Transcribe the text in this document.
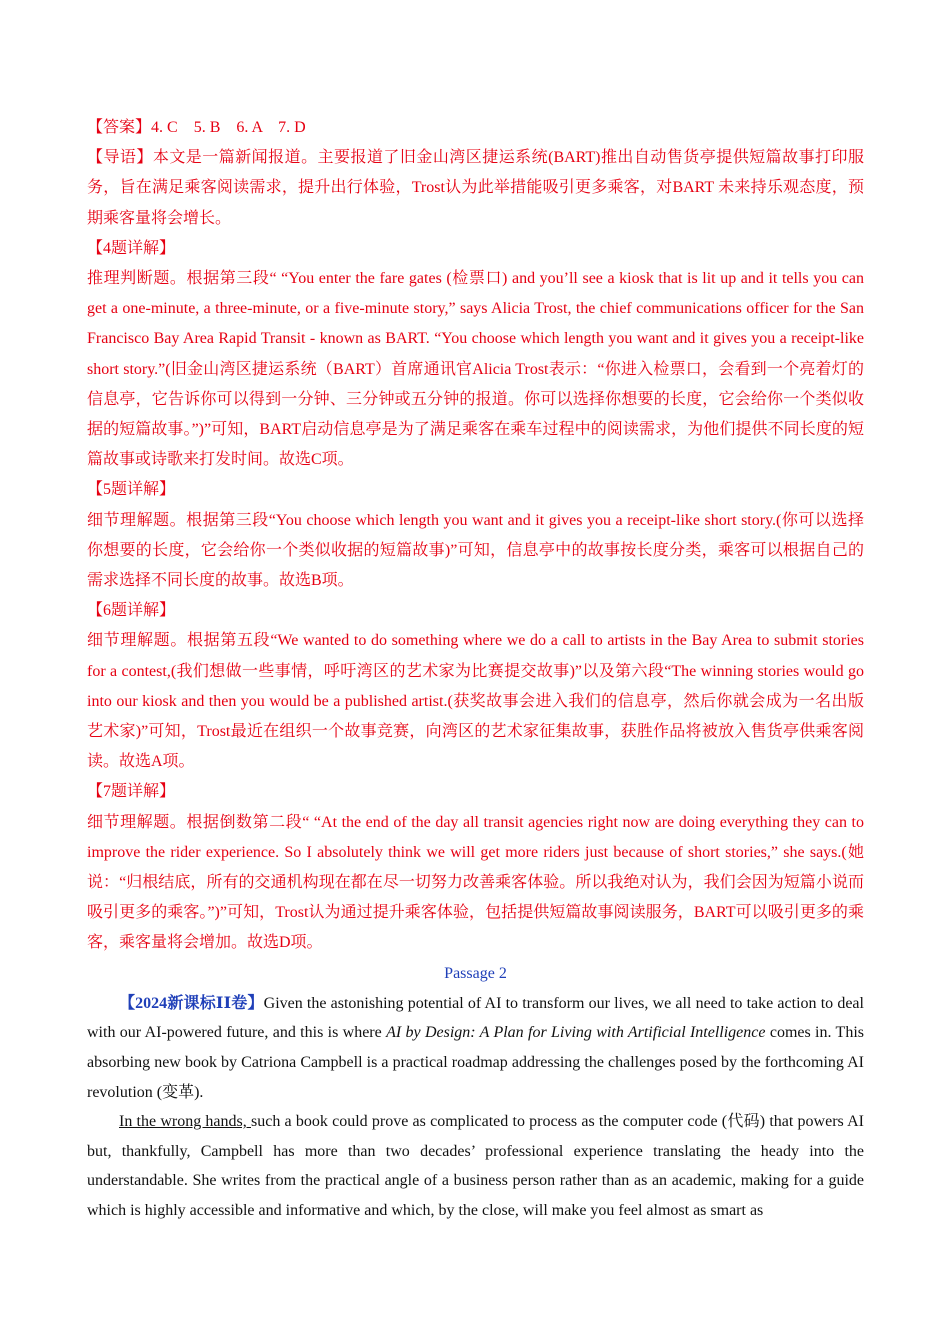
【答案】4. C    5. B    6. A    7. D

【导语】本文是一篇新闻报道。主要报道了旧金山湾区捷运系统(BART)推出自动售货亭提供短篇故事打印服务，旨在满足乘客阅读需求，提升出行体验，Trost认为此举措能吸引更多乘客，对BART 未来持乐观态度，预期乘客量将会增长。

【4题详解】

推理判断题。根据第三段“ “You enter the fare gates (检票口) and you’ll see a kiosk that is lit up and it tells you can get a one-minute, a three-minute, or a five-minute story,” says Alicia Trost, the chief communications officer for the San Francisco Bay Area Rapid Transit - known as BART. “You choose which length you want and it gives you a receipt-like short story.”(旧金山湾区捷运系统（BART）首席通讯官Alicia Trost表示：“你进入检票口，会看到一个亮着灯的信息亭，它告诉你可以得到一分钟、三分钟或五分钟的报道。你可以选择你想要的长度，它会给你一个类似收据的短篇故事。”)”可知，BART启动信息亭是为了满足乘客在乘车过程中的阅读需求，为他们提供不同长度的短篇故事或诗歌来打发时间。故选C项。

【5题详解】

细节理解题。根据第三段“You choose which length you want and it gives you a receipt-like short story.(你可以选择你想要的长度，它会给你一个类似收据的短篇故事)”可知，信息亭中的故事按长度分类，乘客可以根据自己的需求选择不同长度的故事。故选B项。

【6题详解】

细节理解题。根据第五段“We wanted to do something where we do a call to artists in the Bay Area to submit stories for a contest,(我们想做一些事情，呼吁湾区的艺术家为比赛提交故事)”以及第六段“The winning stories would go into our kiosk and then you would be a published artist.(获奖故事会进入我们的信息亭，然后你就会成为一名出版艺术家)”可知，Trost最近在组织一个故事竞赛，向湾区的艺术家征集故事，获胜作品将被放入售货亭供乘客阅读。故选A项。

【7题详解】

细节理解题。根据倒数第二段“ “At the end of the day all transit agencies right now are doing everything they can to improve the rider experience. So I absolutely think we will get more riders just because of short stories,” she says.(她说：“归根结底，所有的交通机构现在都在尽一切努力改善乘客体验。所以我绝对认为，我们会因为短篇小说而吸引更多的乘客。”)”可知，Trost认为通过提升乘客体验，包括提供短篇故事阅读服务，BART可以吸引更多的乘客，乘客量将会增加。故选D项。

Passage 2

【2024新课标ⅠⅠ卷】Given the astonishing potential of AI to transform our lives, we all need to take action to deal with our AI-powered future, and this is where AI by Design: A Plan for Living with Artificial Intelligence comes in. This absorbing new book by Catriona Campbell is a practical roadmap addressing the challenges posed by the forthcoming AI revolution (变革).

In the wrong hands, such a book could prove as complicated to process as the computer code (代码) that powers AI but, thankfully, Campbell has more than two decades’ professional experience translating the heady into the understandable. She writes from the practical angle of a business person rather than as an academic, making for a guide which is highly accessible and informative and which, by the close, will make you feel almost as smart as
